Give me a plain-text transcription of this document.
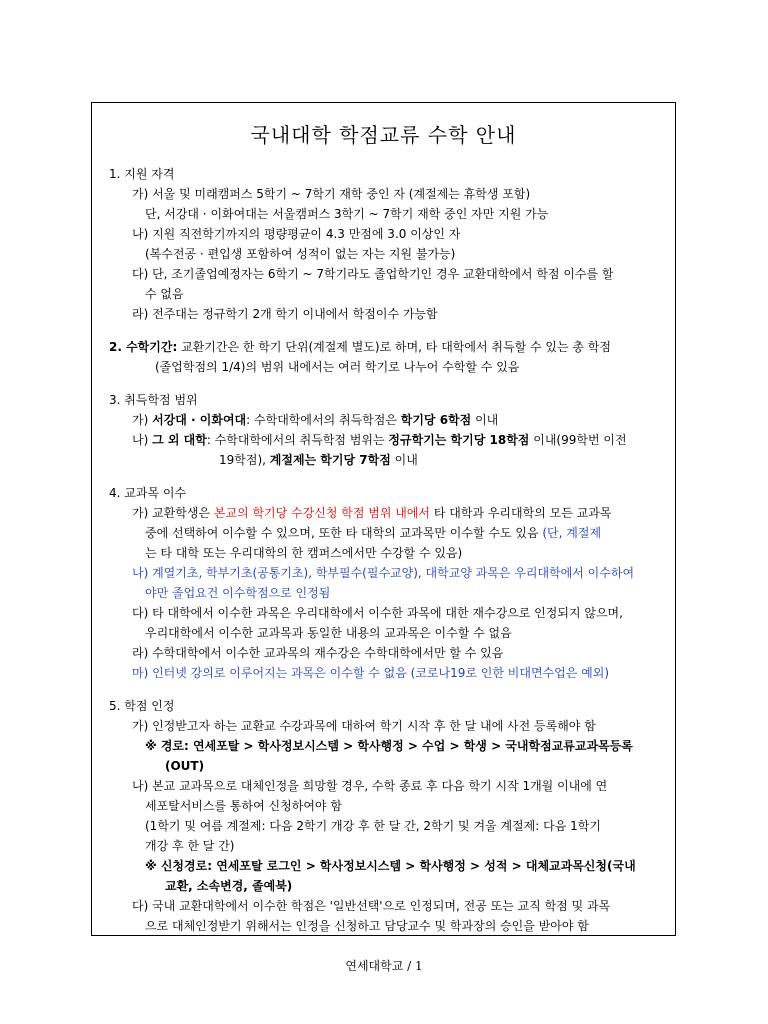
국내대학 학점교류 수학 안내

1. 지원 자격

가) 서울 및 미래캠퍼스 5학기 ~ 7학기 재학 중인 자 (계절제는 휴학생 포함)

단, 서강대 · 이화여대는 서울캠퍼스 3학기 ~ 7학기 재학 중인 자만 지원 가능

나) 지원 직전학기까지의 평량평균이 4.3 만점에 3.0 이상인 자

(복수전공 · 편입생 포함하여 성적이 없는 자는 지원 불가능)

다) 단, 조기졸업예정자는 6학기 ~ 7학기라도 졸업학기인 경우 교환대학에서 학점 이수를 할

수 없음

라) 전주대는 정규학기 2개 학기 이내에서 학점이수 가능함

2. 수학기간: 교환기간은 한 학기 단위(계절제 별도)로 하며, 타 대학에서 취득할 수 있는 총 학점

(졸업학점의 1/4)의 범위 내에서는 여러 학기로 나누어 수학할 수 있음

3. 취득학점 범위

가) 서강대 · 이화여대: 수학대학에서의 취득학점은 학기당 6학점 이내

나) 그 외 대학: 수학대학에서의 취득학점 범위는 정규학기는 학기당 18학점 이내(99학번 이전

19학점), 계절제는 학기당 7학점 이내

4. 교과목 이수

가) 교환학생은 본교의 학기당 수강신청 학점 범위 내에서 타 대학과 우리대학의 모든 교과목

중에 선택하여 이수할 수 있으며, 또한 타 대학의 교과목만 이수할 수도 있음 (단, 계절제

는 타 대학 또는 우리대학의 한 캠퍼스에서만 수강할 수 있음)

나) 계열기초, 학부기초(공통기초), 학부필수(필수교양), 대학교양 과목은 우리대학에서 이수하여

야만 졸업요건 이수학점으로 인정됨

다) 타 대학에서 이수한 과목은 우리대학에서 이수한 과목에 대한 재수강으로 인정되지 않으며,

우리대학에서 이수한 교과목과 동일한 내용의 교과목은 이수할 수 없음

라) 수학대학에서 이수한 교과목의 재수강은 수학대학에서만 할 수 있음

마) 인터넷 강의로 이루어지는 과목은 이수할 수 없음 (코로나19로 인한 비대면수업은 예외)

5. 학점 인정

가) 인정받고자 하는 교환교 수강과목에 대하여 학기 시작 후 한 달 내에 사전 등록해야 함

※ 경로: 연세포탈 > 학사정보시스템 > 학사행정 > 수업 > 학생 > 국내학점교류교과목등록

(OUT)

나) 본교 교과목으로 대체인정을 희망할 경우, 수학 종료 후 다음 학기 시작 1개월 이내에 연

세포탈서비스를 통하여 신청하여야 함

(1학기 및 여름 계절제: 다음 2학기 개강 후 한 달 간, 2학기 및 겨울 계절제: 다음 1학기

개강 후 한 달 간)

※ 신청경로: 연세포탈 로그인 > 학사정보시스템 > 학사행정 > 성적 > 대체교과목신청(국내

교환, 소속변경, 졸예북)

다) 국내 교환대학에서 이수한 학점은 '일반선택'으로 인정되며, 전공 또는 교직 학점 및 과목

으로 대체인정받기 위해서는 인정을 신청하고 담당교수 및 학과장의 승인을 받아야 함

연세대학교 / 1
